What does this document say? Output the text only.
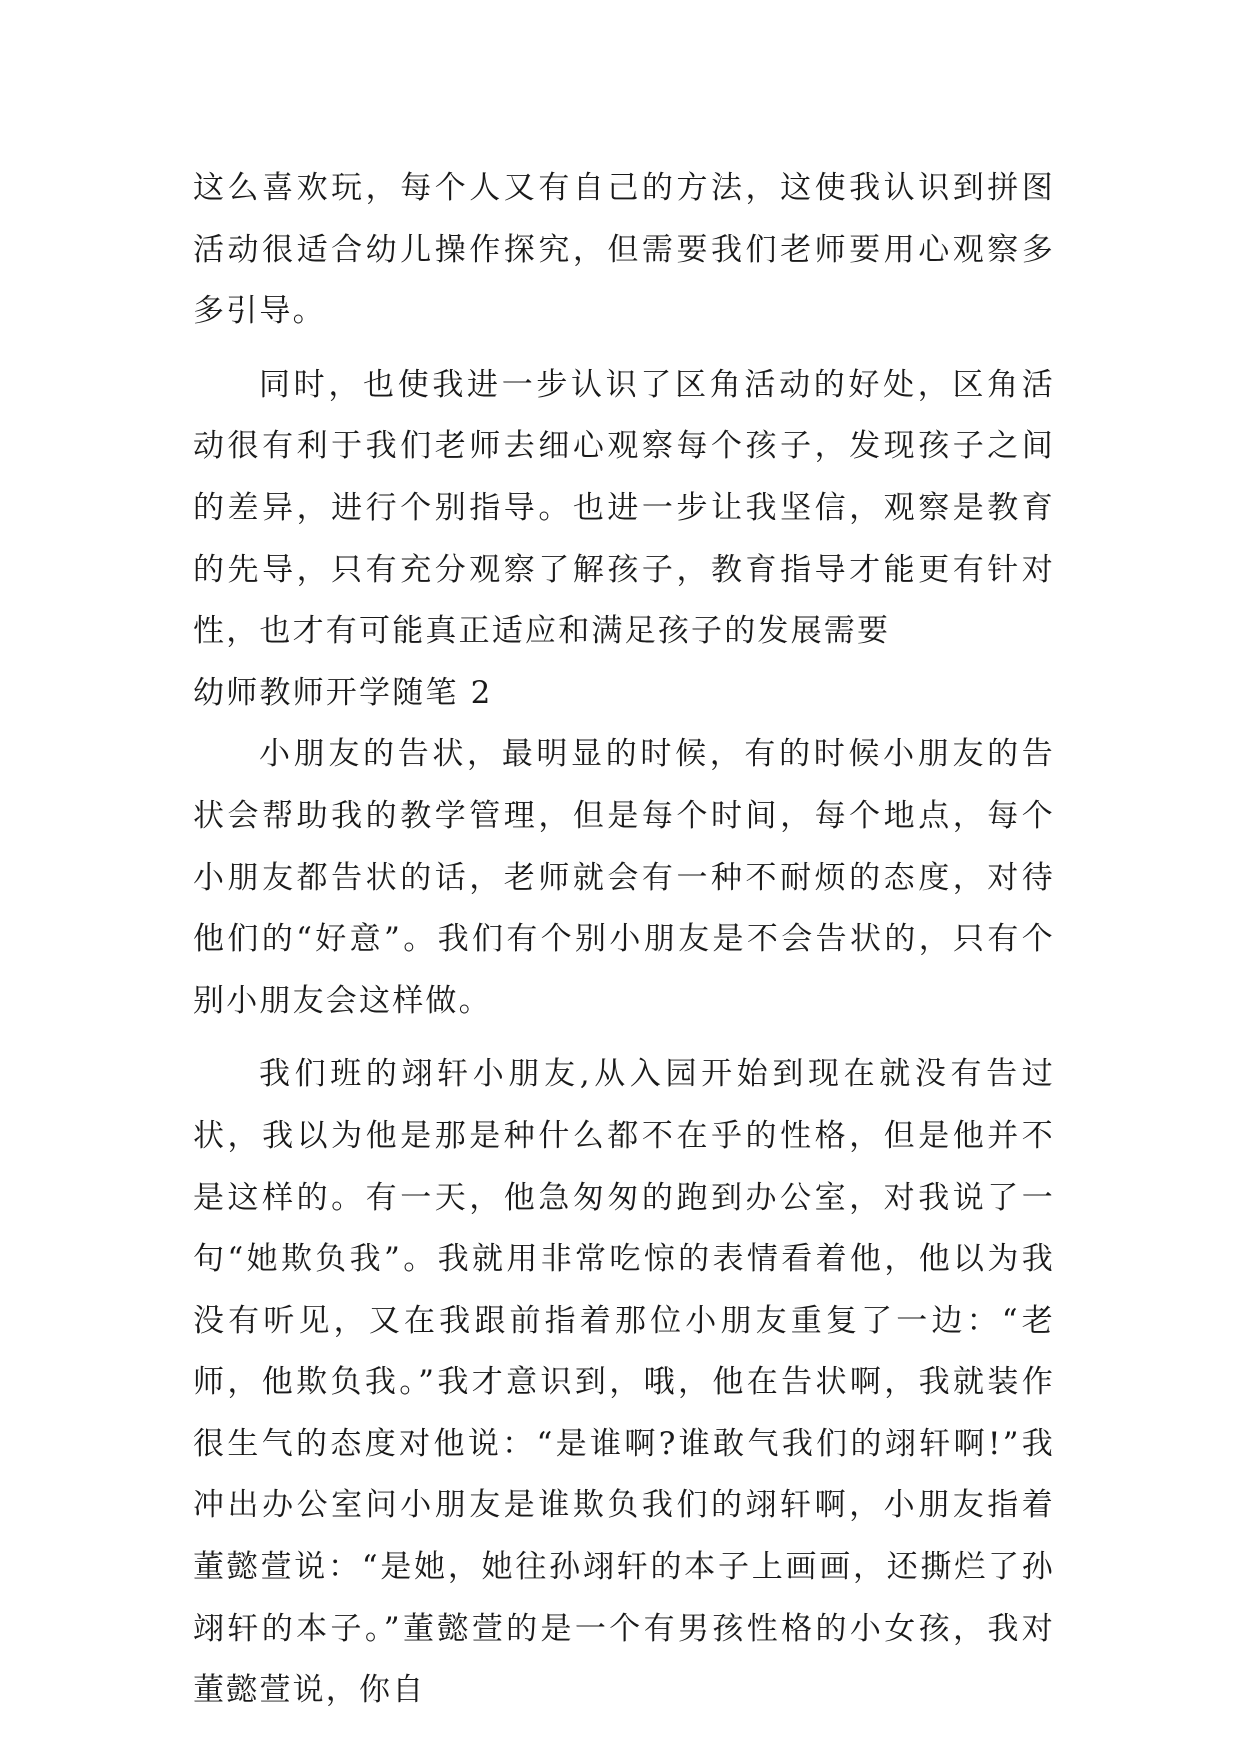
这么喜欢玩，每个人又有自己的方法，这使我认识到拼图活动很适合幼儿操作探究，但需要我们老师要用心观察多多引导。

同时，也使我进一步认识了区角活动的好处，区角活动很有利于我们老师去细心观察每个孩子，发现孩子之间的差异，进行个别指导。也进一步让我坚信，观察是教育的先导，只有充分观察了解孩子，教育指导才能更有针对性，也才有可能真正适应和满足孩子的发展需要

幼师教师开学随笔 2

小朋友的告状，最明显的时候，有的时候小朋友的告状会帮助我的教学管理，但是每个时间，每个地点，每个小朋友都告状的话，老师就会有一种不耐烦的态度，对待他们的“好意”。我们有个别小朋友是不会告状的，只有个别小朋友会这样做。

我们班的翊轩小朋友,从入园开始到现在就没有告过状，我以为他是那是种什么都不在乎的性格，但是他并不是这样的。有一天，他急匆匆的跑到办公室，对我说了一句“她欺负我”。我就用非常吃惊的表情看着他，他以为我没有听见，又在我跟前指着那位小朋友重复了一边：“老师，他欺负我。”我才意识到，哦，他在告状啊，我就装作很生气的态度对他说：“是谁啊?谁敢气我们的翊轩啊!”我冲出办公室问小朋友是谁欺负我们的翊轩啊，小朋友指着董懿萱说：“是她，她往孙翊轩的本子上画画，还撕烂了孙翊轩的本子。”董懿萱的是一个有男孩性格的小女孩，我对董懿萱说，你自
